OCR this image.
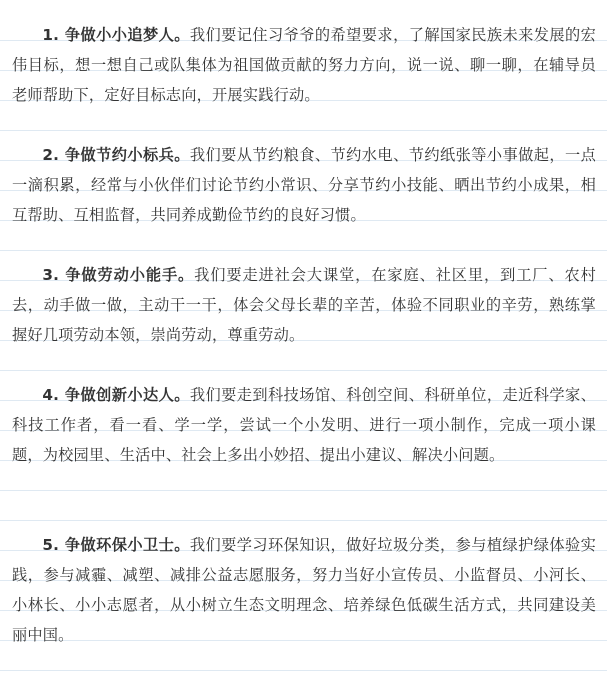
1. 争做小小追梦人。我们要记住习爷爷的希望要求，了解国家民族未来发展的宏伟目标，想一想自己或队集体为祖国做贡献的努力方向，说一说、聊一聊，在辅导员老师帮助下，定好目标志向，开展实践行动。

2. 争做节约小标兵。我们要从节约粮食、节约水电、节约纸张等小事做起，一点一滴积累，经常与小伙伴们讨论节约小常识、分享节约小技能、晒出节约小成果，相互帮助、互相监督，共同养成勤俭节约的良好习惯。

3. 争做劳动小能手。我们要走进社会大课堂，在家庭、社区里，到工厂、农村去，动手做一做，主动干一干，体会父母长辈的辛苦，体验不同职业的辛劳，熟练掌握好几项劳动本领，崇尚劳动，尊重劳动。

4. 争做创新小达人。我们要走到科技场馆、科创空间、科研单位，走近科学家、科技工作者，看一看、学一学，尝试一个小发明、进行一项小制作，完成一项小课题，为校园里、生活中、社会上多出小妙招、提出小建议、解决小问题。

5. 争做环保小卫士。我们要学习环保知识，做好垃圾分类，参与植绿护绿体验实践，参与减霾、减塑、减排公益志愿服务，努力当好小宣传员、小监督员、小河长、小林长、小小志愿者，从小树立生态文明理念、培养绿色低碳生活方式，共同建设美丽中国。
